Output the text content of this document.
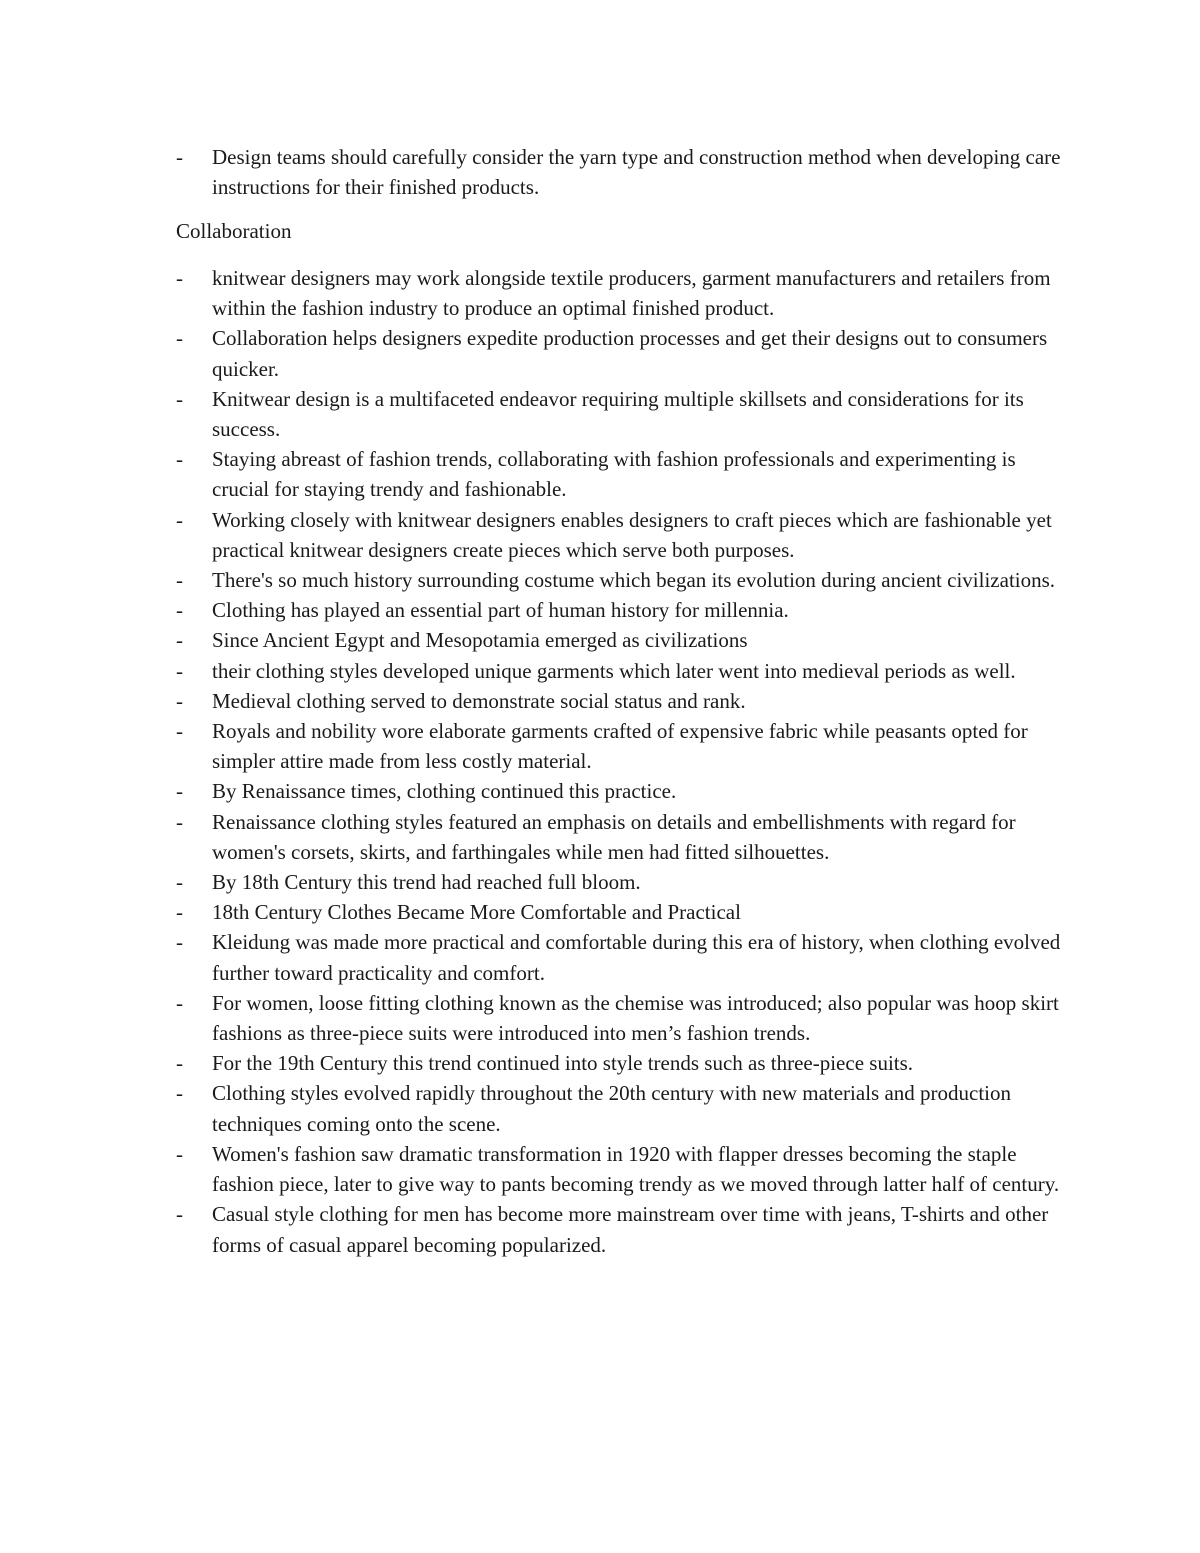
- Design teams should carefully consider the yarn type and construction method when developing care instructions for their finished products.
Collaboration
- knitwear designers may work alongside textile producers, garment manufacturers and retailers from within the fashion industry to produce an optimal finished product.
- Collaboration helps designers expedite production processes and get their designs out to consumers quicker.
- Knitwear design is a multifaceted endeavor requiring multiple skillsets and considerations for its success.
- Staying abreast of fashion trends, collaborating with fashion professionals and experimenting is crucial for staying trendy and fashionable.
- Working closely with knitwear designers enables designers to craft pieces which are fashionable yet practical knitwear designers create pieces which serve both purposes.
- There's so much history surrounding costume which began its evolution during ancient civilizations.
- Clothing has played an essential part of human history for millennia.
- Since Ancient Egypt and Mesopotamia emerged as civilizations
- their clothing styles developed unique garments which later went into medieval periods as well.
- Medieval clothing served to demonstrate social status and rank.
- Royals and nobility wore elaborate garments crafted of expensive fabric while peasants opted for simpler attire made from less costly material.
- By Renaissance times, clothing continued this practice.
- Renaissance clothing styles featured an emphasis on details and embellishments with regard for women's corsets, skirts, and farthingales while men had fitted silhouettes.
- By 18th Century this trend had reached full bloom.
- 18th Century Clothes Became More Comfortable and Practical
- Kleidung was made more practical and comfortable during this era of history, when clothing evolved further toward practicality and comfort.
- For women, loose fitting clothing known as the chemise was introduced; also popular was hoop skirt fashions as three-piece suits were introduced into men’s fashion trends.
- For the 19th Century this trend continued into style trends such as three-piece suits.
- Clothing styles evolved rapidly throughout the 20th century with new materials and production techniques coming onto the scene.
- Women's fashion saw dramatic transformation in 1920 with flapper dresses becoming the staple fashion piece, later to give way to pants becoming trendy as we moved through latter half of century.
- Casual style clothing for men has become more mainstream over time with jeans, T-shirts and other forms of casual apparel becoming popularized.
